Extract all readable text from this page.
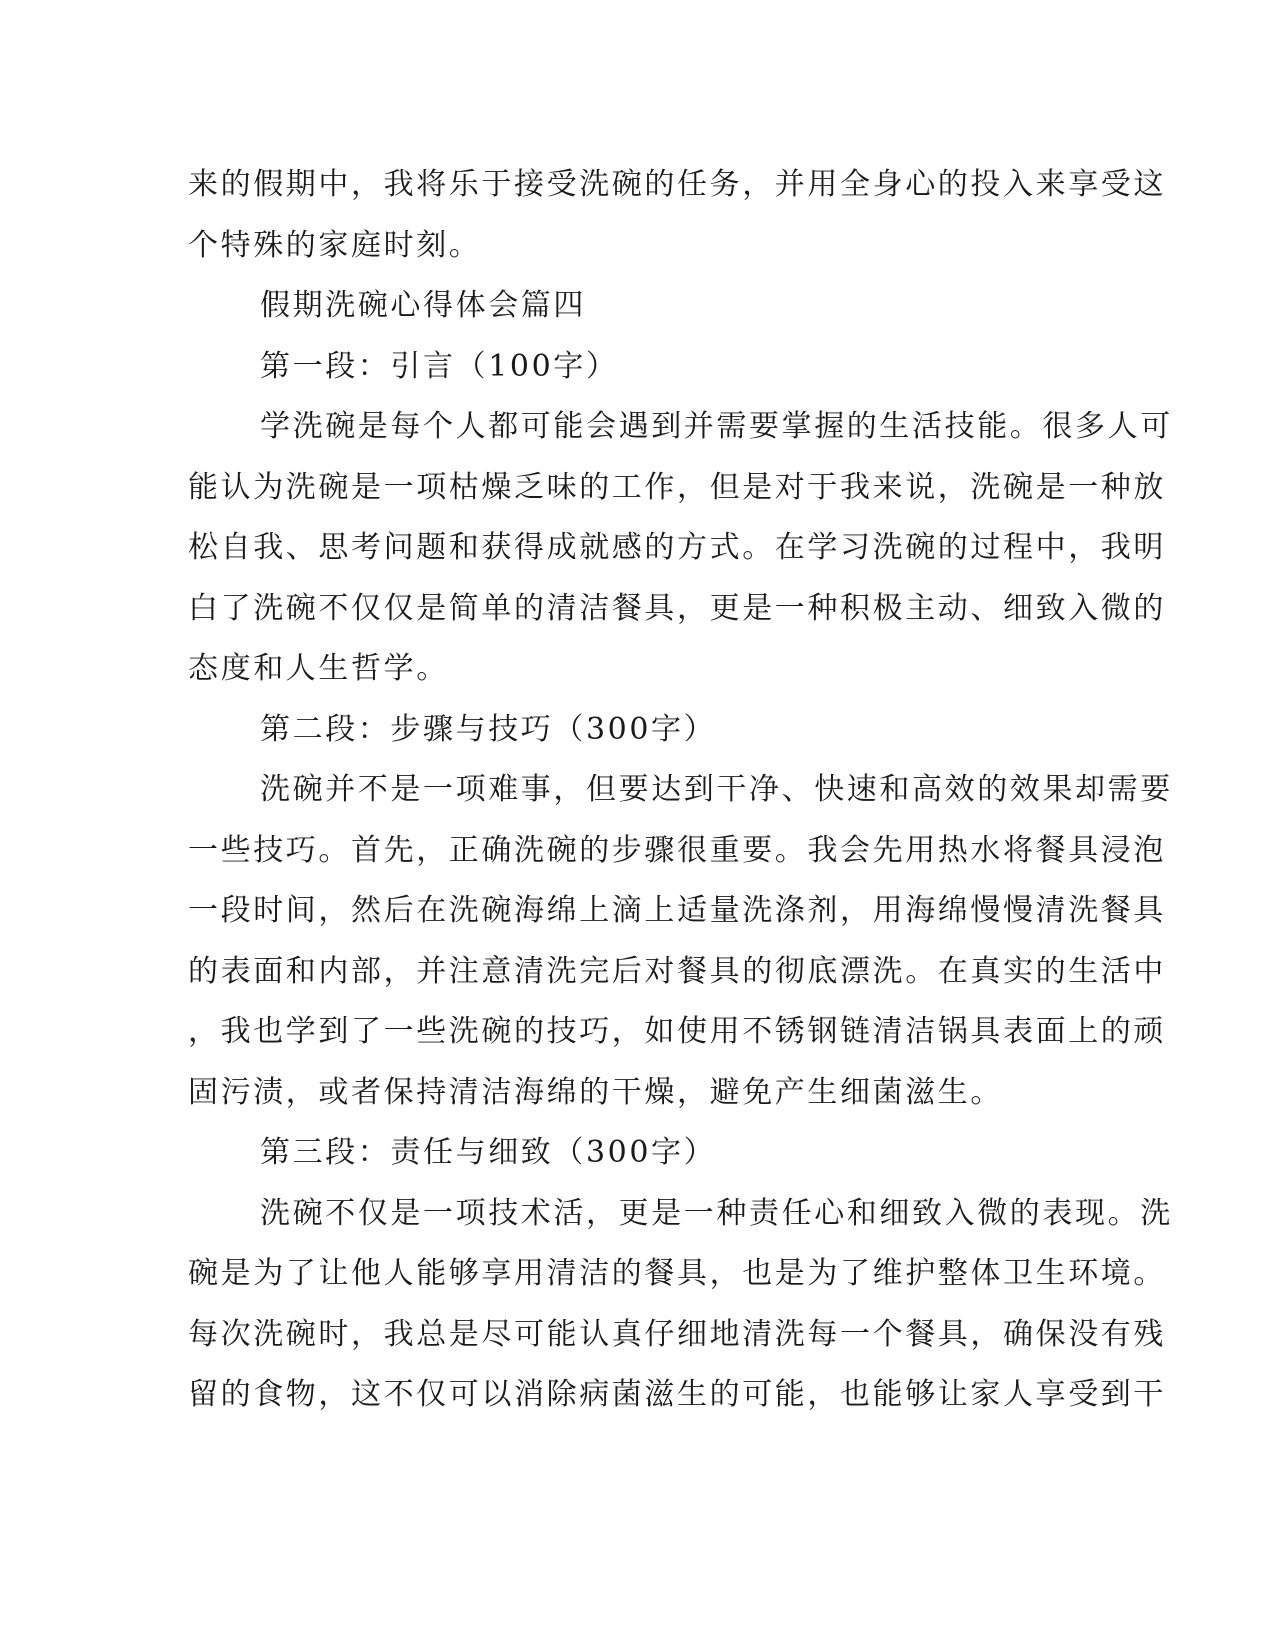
来的假期中，我将乐于接受洗碗的任务，并用全身心的投入来享受这
个特殊的家庭时刻。

假期洗碗心得体会篇四

第一段：引言（100字）

学洗碗是每个人都可能会遇到并需要掌握的生活技能。很多人可
能认为洗碗是一项枯燥乏味的工作，但是对于我来说，洗碗是一种放
松自我、思考问题和获得成就感的方式。在学习洗碗的过程中，我明
白了洗碗不仅仅是简单的清洁餐具，更是一种积极主动、细致入微的
态度和人生哲学。

第二段：步骤与技巧（300字）

洗碗并不是一项难事，但要达到干净、快速和高效的效果却需要
一些技巧。首先，正确洗碗的步骤很重要。我会先用热水将餐具浸泡
一段时间，然后在洗碗海绵上滴上适量洗涤剂，用海绵慢慢清洗餐具
的表面和内部，并注意清洗完后对餐具的彻底漂洗。在真实的生活中
，我也学到了一些洗碗的技巧，如使用不锈钢链清洁锅具表面上的顽
固污渍，或者保持清洁海绵的干燥，避免产生细菌滋生。

第三段：责任与细致（300字）

洗碗不仅是一项技术活，更是一种责任心和细致入微的表现。洗
碗是为了让他人能够享用清洁的餐具，也是为了维护整体卫生环境。
每次洗碗时，我总是尽可能认真仔细地清洗每一个餐具，确保没有残
留的食物，这不仅可以消除病菌滋生的可能，也能够让家人享受到干
